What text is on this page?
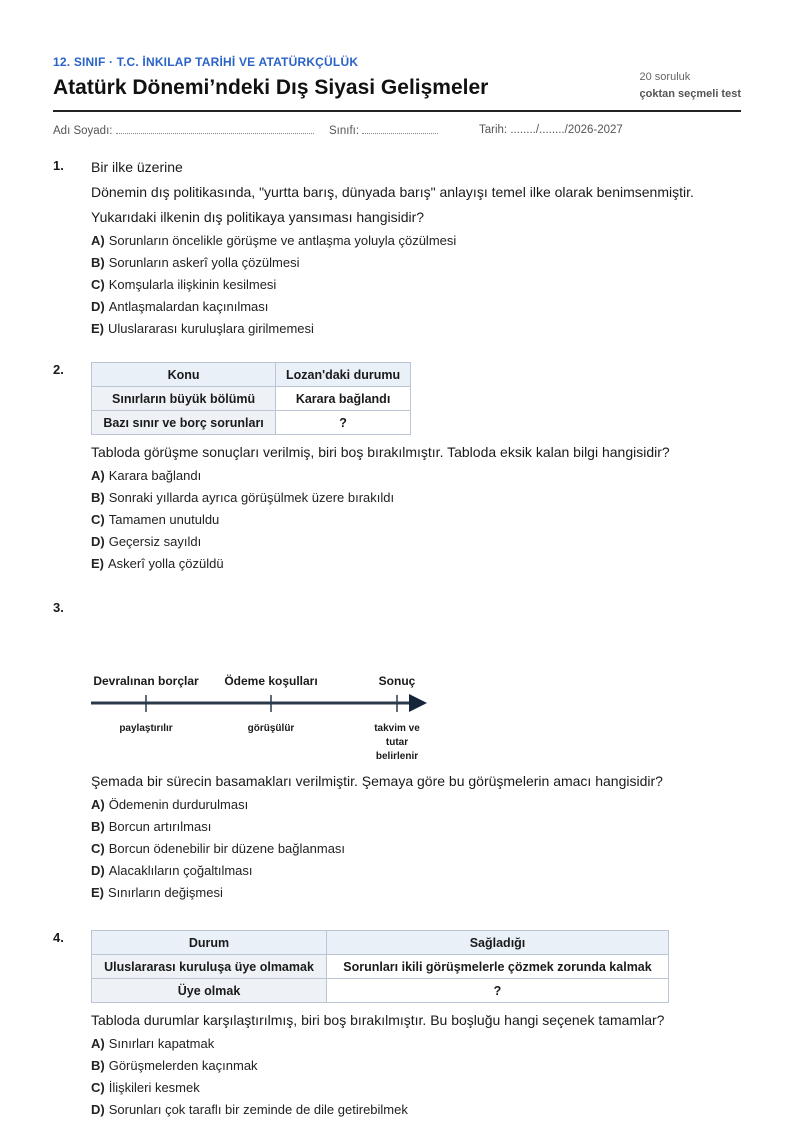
12. SINIF · T.C. İNKILAP TARİHİ VE ATATÜRKÇÜLÜK
Atatürk Dönemi’ndeki Dış Siyasi Gelişmeler	20 soruluk
çoktan seçmeli test
Adı Soyadı:	Sınıfı:	Tarih: ......../......../2026-2027
1. Bir ilke üzerine

Dönemin dış politikasında, "yurtta barış, dünyada barış" anlayışı temel ilke olarak benimsenmiştir.

Yukarıdaki ilkenin dış politikaya yansıması hangisidir?

A) Sorunların öncelikle görüşme ve antlaşma yoluyla çözülmesi
B) Sorunların askerî yolla çözülmesi
C) Komşularla ilişkinin kesilmesi
D) Antlaşmalardan kaçınılması
E) Uluslararası kuruluşlara girilmemesi
2.	Konu	Lozan'daki durumu
Sınırların büyük bölümü	Karara bağlandı
Bazı sınır ve borç sorunları	?

Tabloda görüşme sonuçları verilmiş, biri boş bırakılmıştır. Tabloda eksik kalan bilgi hangisidir?

A) Karara bağlandı
B) Sonraki yıllarda ayrıca görüşülmek üzere bırakıldı
C) Tamamen unutuldu
D) Geçersiz sayıldı
E) Askerî yolla çözüldü
3.
Devralınan borçlar Ödeme koşulları	Sonuç
paylaştırılır	görüşülür	takvim ve tutar belirlenir

Şemada bir sürecin basamakları verilmiştir. Şemaya göre bu görüşmelerin amacı hangisidir?

A) Ödemenin durdurulması
B) Borcun artırılması
C) Borcun ödenebilir bir düzene bağlanması
D) Alacaklıların çoğaltılması
E) Sınırların değişmesi
4.	Durum	Sağladığı
Uluslararası kuruluşa üye olmamak	Sorunları ikili görüşmelerle çözmek zorunda kalmak
Üye olmak	?

Tabloda durumlar karşılaştırılmış, biri boş bırakılmıştır. Bu boşluğu hangi seçenek tamamlar?

A) Sınırları kapatmak
B) Görüşmelerden kaçınmak
C) İlişkileri kesmek
D) Sorunları çok taraflı bir zeminde de dile getirebilmek
